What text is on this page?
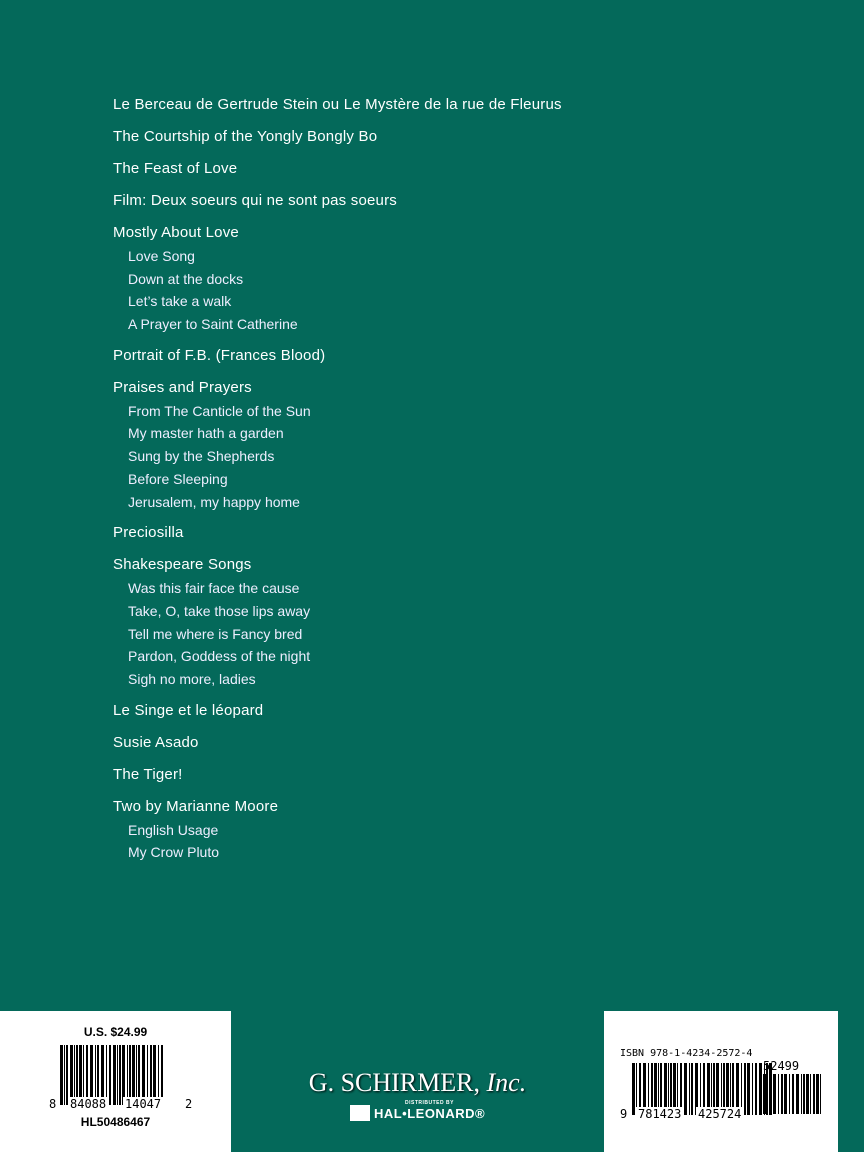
Le Berceau de Gertrude Stein ou Le Mystère de la rue de Fleurus
The Courtship of the Yongly Bongly Bo
The Feast of Love
Film: Deux soeurs qui ne sont pas soeurs
Mostly About Love
Love Song
Down at the docks
Let’s take a walk
A Prayer to Saint Catherine
Portrait of F.B. (Frances Blood)
Praises and Prayers
From The Canticle of the Sun
My master hath a garden
Sung by the Shepherds
Before Sleeping
Jerusalem, my happy home
Preciosilla
Shakespeare Songs
Was this fair face the cause
Take, O, take those lips away
Tell me where is Fancy bred
Pardon, Goddess of the night
Sigh no more, ladies
Le Singe et le léopard
Susie Asado
The Tiger!
Two by Marianne Moore
English Usage
My Crow Pluto
U.S. $24.99
8 84088 14047 2
HL50486467
G. SCHIRMER, Inc.
DISTRIBUTED BY
HAL•LEONARD®
ISBN 978-1-4234-2572-4
52499
9 781423 425724
